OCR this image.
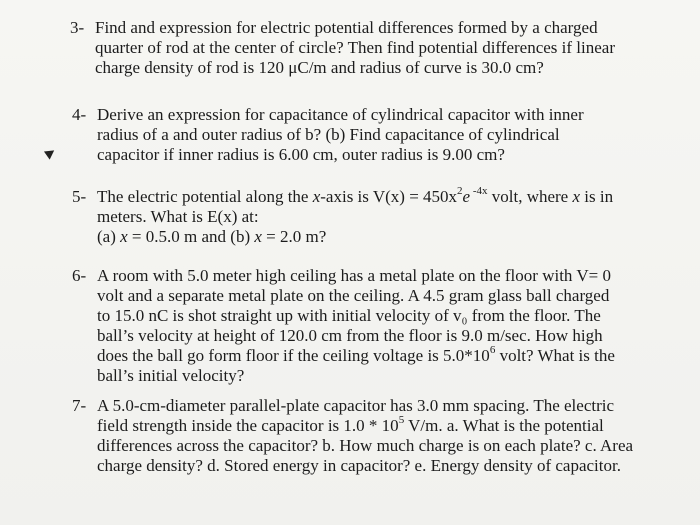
3- Find and expression for electric potential differences formed by a charged
quarter of rod at the center of circle? Then find potential differences if linear
charge density of rod is 120 μC/m and radius of curve is 30.0 cm?
4- Derive an expression for capacitance of cylindrical capacitor with inner
radius of a and outer radius of b? (b) Find capacitance of cylindrical
capacitor if inner radius is 6.00 cm, outer radius is 9.00 cm?
5- The electric potential along the x-axis is $V(x) = 450x^2e$ $^{-4x}$ volt, where x is in
meters. What is E(x) at:
(a) x = 0.5.0 m and (b) x = 2.0 m?
6- A room with 5.0 meter high ceiling has a metal plate on the floor with V= 0
volt and a separate metal plate on the ceiling. A 4.5 gram glass ball charged
to 15.0 nC is shot straight up with initial velocity of v₀ from the floor. The
ball’s velocity at height of 120.0 cm from the floor is 9.0 m/sec. How high
does the ball go form floor if the ceiling voltage is $5.0*10^6$ volt? What is the
ball’s initial velocity?
7- A 5.0-cm-diameter parallel-plate capacitor has 3.0 mm spacing. The electric
field strength inside the capacitor is $1.0 * 10^5$ V/m. a. What is the potential
differences across the capacitor? b. How much charge is on each plate? c. Area
charge density? d. Stored energy in capacitor? e. Energy density of capacitor.
